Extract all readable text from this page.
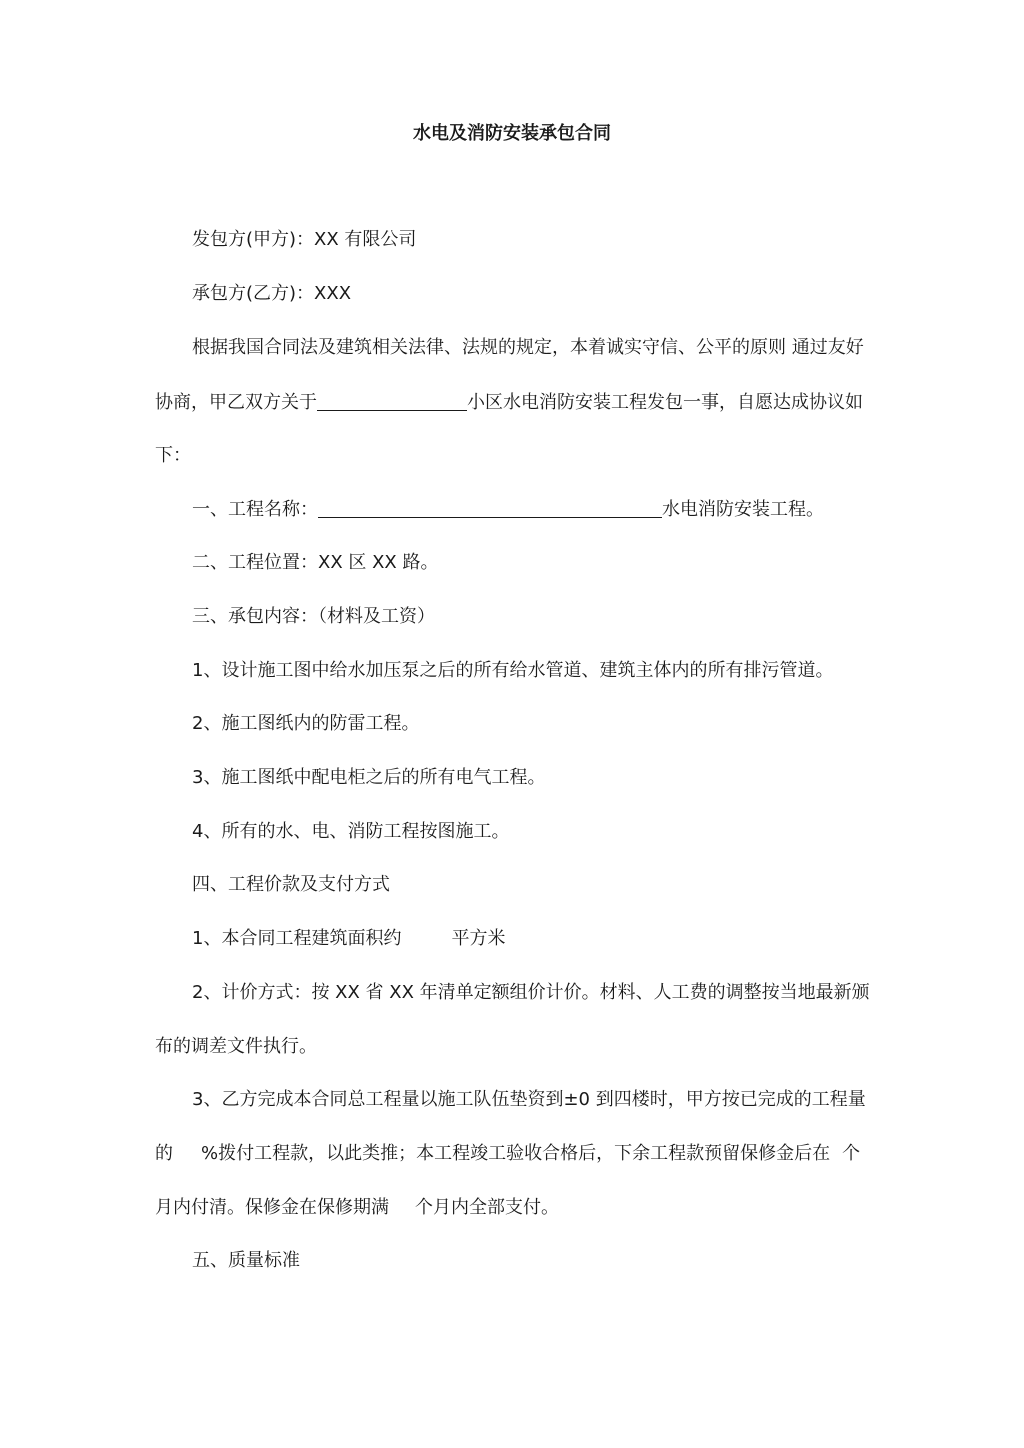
水电及消防安装承包合同
发包方(甲方)：XX 有限公司
承包方(乙方)：XXX
根据我国合同法及建筑相关法律、法规的规定，本着诚实守信、公平的原则 通过友好
协商，甲乙双方关于	小区水电消防安装工程发包一事，自愿达成协议如
下：
一、工程名称：	水电消防安装工程。
二、工程位置：XX 区 XX 路。
三、承包内容：（材料及工资）
1、设计施工图中给水加压泵之后的所有给水管道、建筑主体内的所有排污管道。
2、施工图纸内的防雷工程。
3、施工图纸中配电柜之后的所有电气工程。
4、所有的水、电、消防工程按图施工。
四、工程价款及支付方式
1、本合同工程建筑面积约	平方米
2、计价方式：按 XX 省 XX 年清单定额组价计价。材料、人工费的调整按当地最新颁
布的调差文件执行。
3、乙方完成本合同总工程量以施工队伍垫资到±0 到四楼时，甲方按已完成的工程量
的 %拨付工程款，以此类推；本工程竣工验收合格后，下余工程款预留保修金后在 个
月内付清。保修金在保修期满 个月内全部支付。
五、质量标准
